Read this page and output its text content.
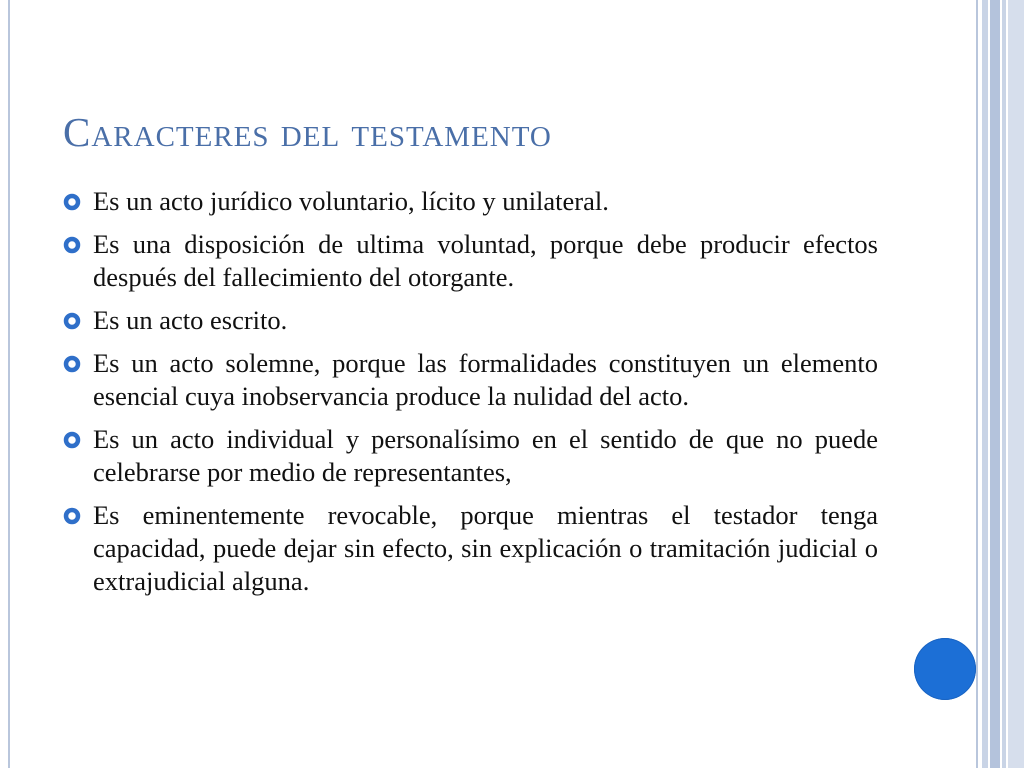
Caracteres del testamento
Es un acto jurídico voluntario, lícito y unilateral.
Es una disposición de ultima voluntad, porque debe producir efectos después del fallecimiento del otorgante.
Es un acto escrito.
Es un acto solemne, porque las formalidades constituyen un elemento esencial cuya inobservancia produce la nulidad del acto.
Es un acto individual y personalísimo en el sentido de que no puede celebrarse por medio de representantes,
Es eminentemente revocable, porque mientras el testador tenga capacidad, puede dejar sin efecto, sin explicación o tramitación judicial o extrajudicial alguna.
